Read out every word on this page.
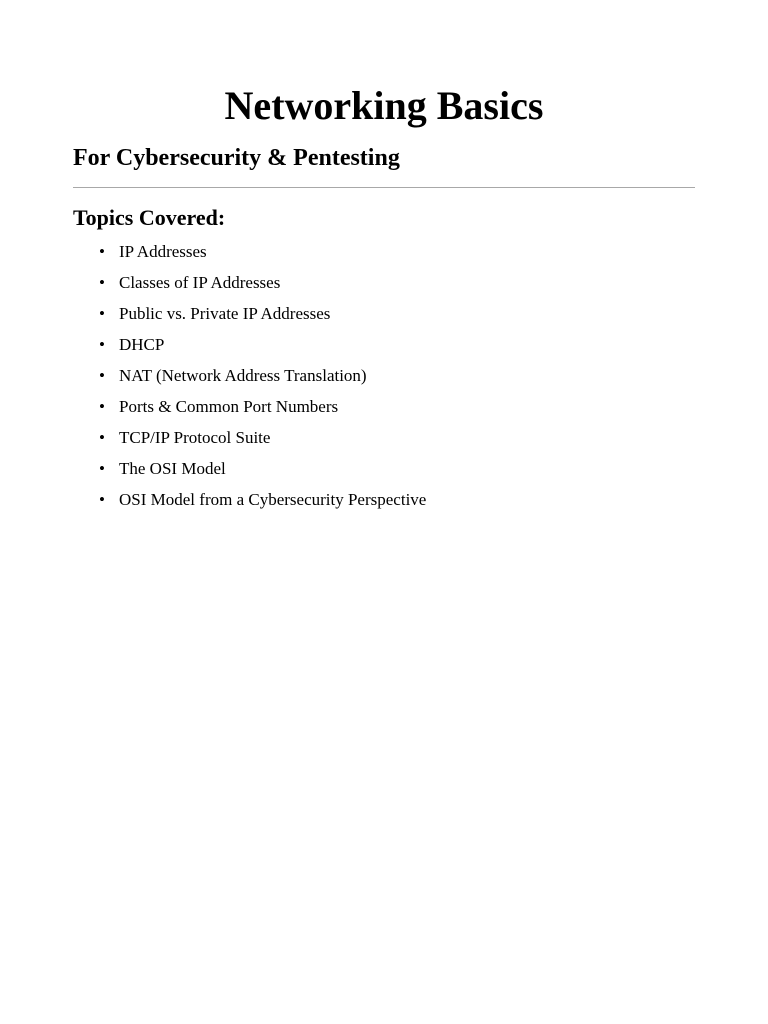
Networking Basics
For Cybersecurity & Pentesting
Topics Covered:
• IP Addresses
• Classes of IP Addresses
• Public vs. Private IP Addresses
• DHCP
• NAT (Network Address Translation)
• Ports & Common Port Numbers
• TCP/IP Protocol Suite
• The OSI Model
• OSI Model from a Cybersecurity Perspective
